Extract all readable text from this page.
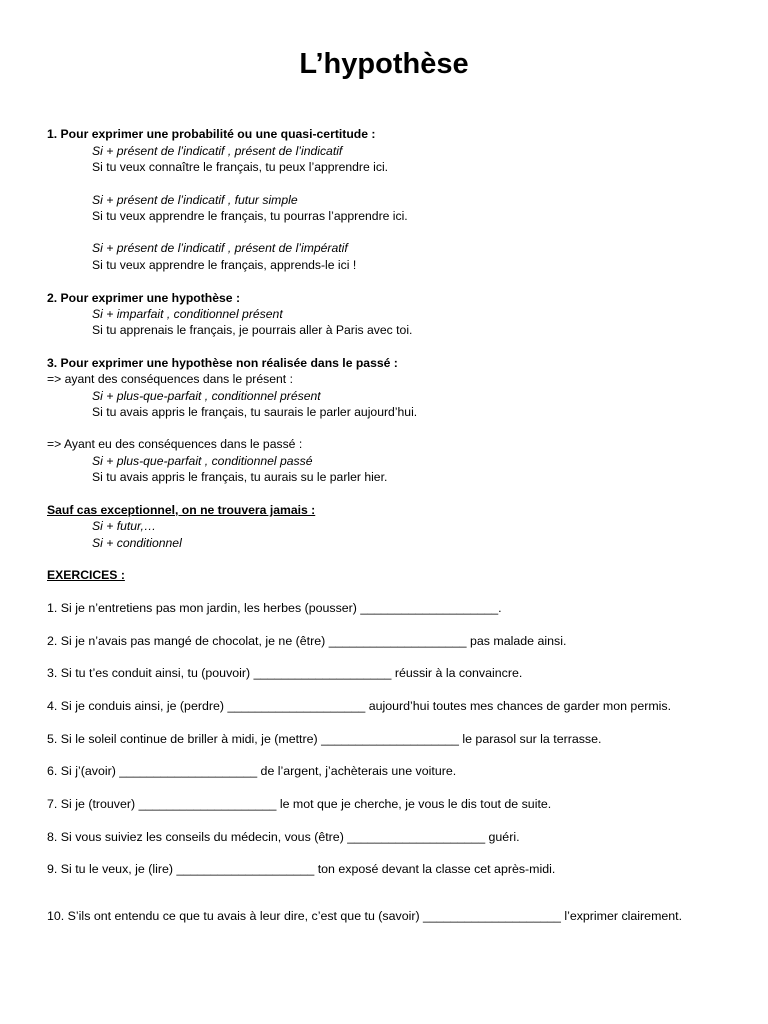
L’hypothèse

1. Pour exprimer une probabilité ou une quasi-certitude :

Si + présent de l’indicatif , présent de l’indicatif

Si tu veux connaître le français, tu peux l’apprendre ici.

Si + présent de l’indicatif , futur simple

Si tu veux apprendre le français, tu pourras l’apprendre ici.

Si + présent de l’indicatif , présent de l’impératif

Si tu veux apprendre le français, apprends-le ici !

2. Pour exprimer une hypothèse :

Si + imparfait , conditionnel présent

Si tu apprenais le français, je pourrais aller à Paris avec toi.

3. Pour exprimer une hypothèse non réalisée dans le passé :

=> ayant des conséquences dans le présent :

Si + plus-que-parfait , conditionnel présent

Si tu avais appris le français, tu saurais le parler aujourd’hui.

=> Ayant eu des conséquences dans le passé :

Si + plus-que-parfait , conditionnel passé

Si tu avais appris le français, tu aurais su le parler hier.

Sauf cas exceptionnel, on ne trouvera jamais :

Si + futur,…

Si + conditionnel

EXERCICES :

1. Si je n’entretiens pas mon jardin, les herbes (pousser) ____________________.

2. Si je n’avais pas mangé de chocolat, je ne (être) ____________________ pas malade ainsi.

3. Si tu t’es conduit ainsi, tu (pouvoir) ____________________ réussir à la convaincre.

4. Si je conduis ainsi, je (perdre) ____________________ aujourd’hui toutes mes chances de garder mon permis.

5. Si le soleil continue de briller à midi, je (mettre) ____________________ le parasol sur la terrasse.

6. Si j’(avoir) ____________________ de l’argent, j’achèterais une voiture.

7. Si je (trouver) ____________________ le mot que je cherche, je vous le dis tout de suite.

8. Si vous suiviez les conseils du médecin, vous (être) ____________________ guéri.

9. Si tu le veux, je (lire) ____________________ ton exposé devant la classe cet après-midi.

10. S’ils ont entendu ce que tu avais à leur dire, c’est que tu (savoir) ____________________ l’exprimer clairement.
